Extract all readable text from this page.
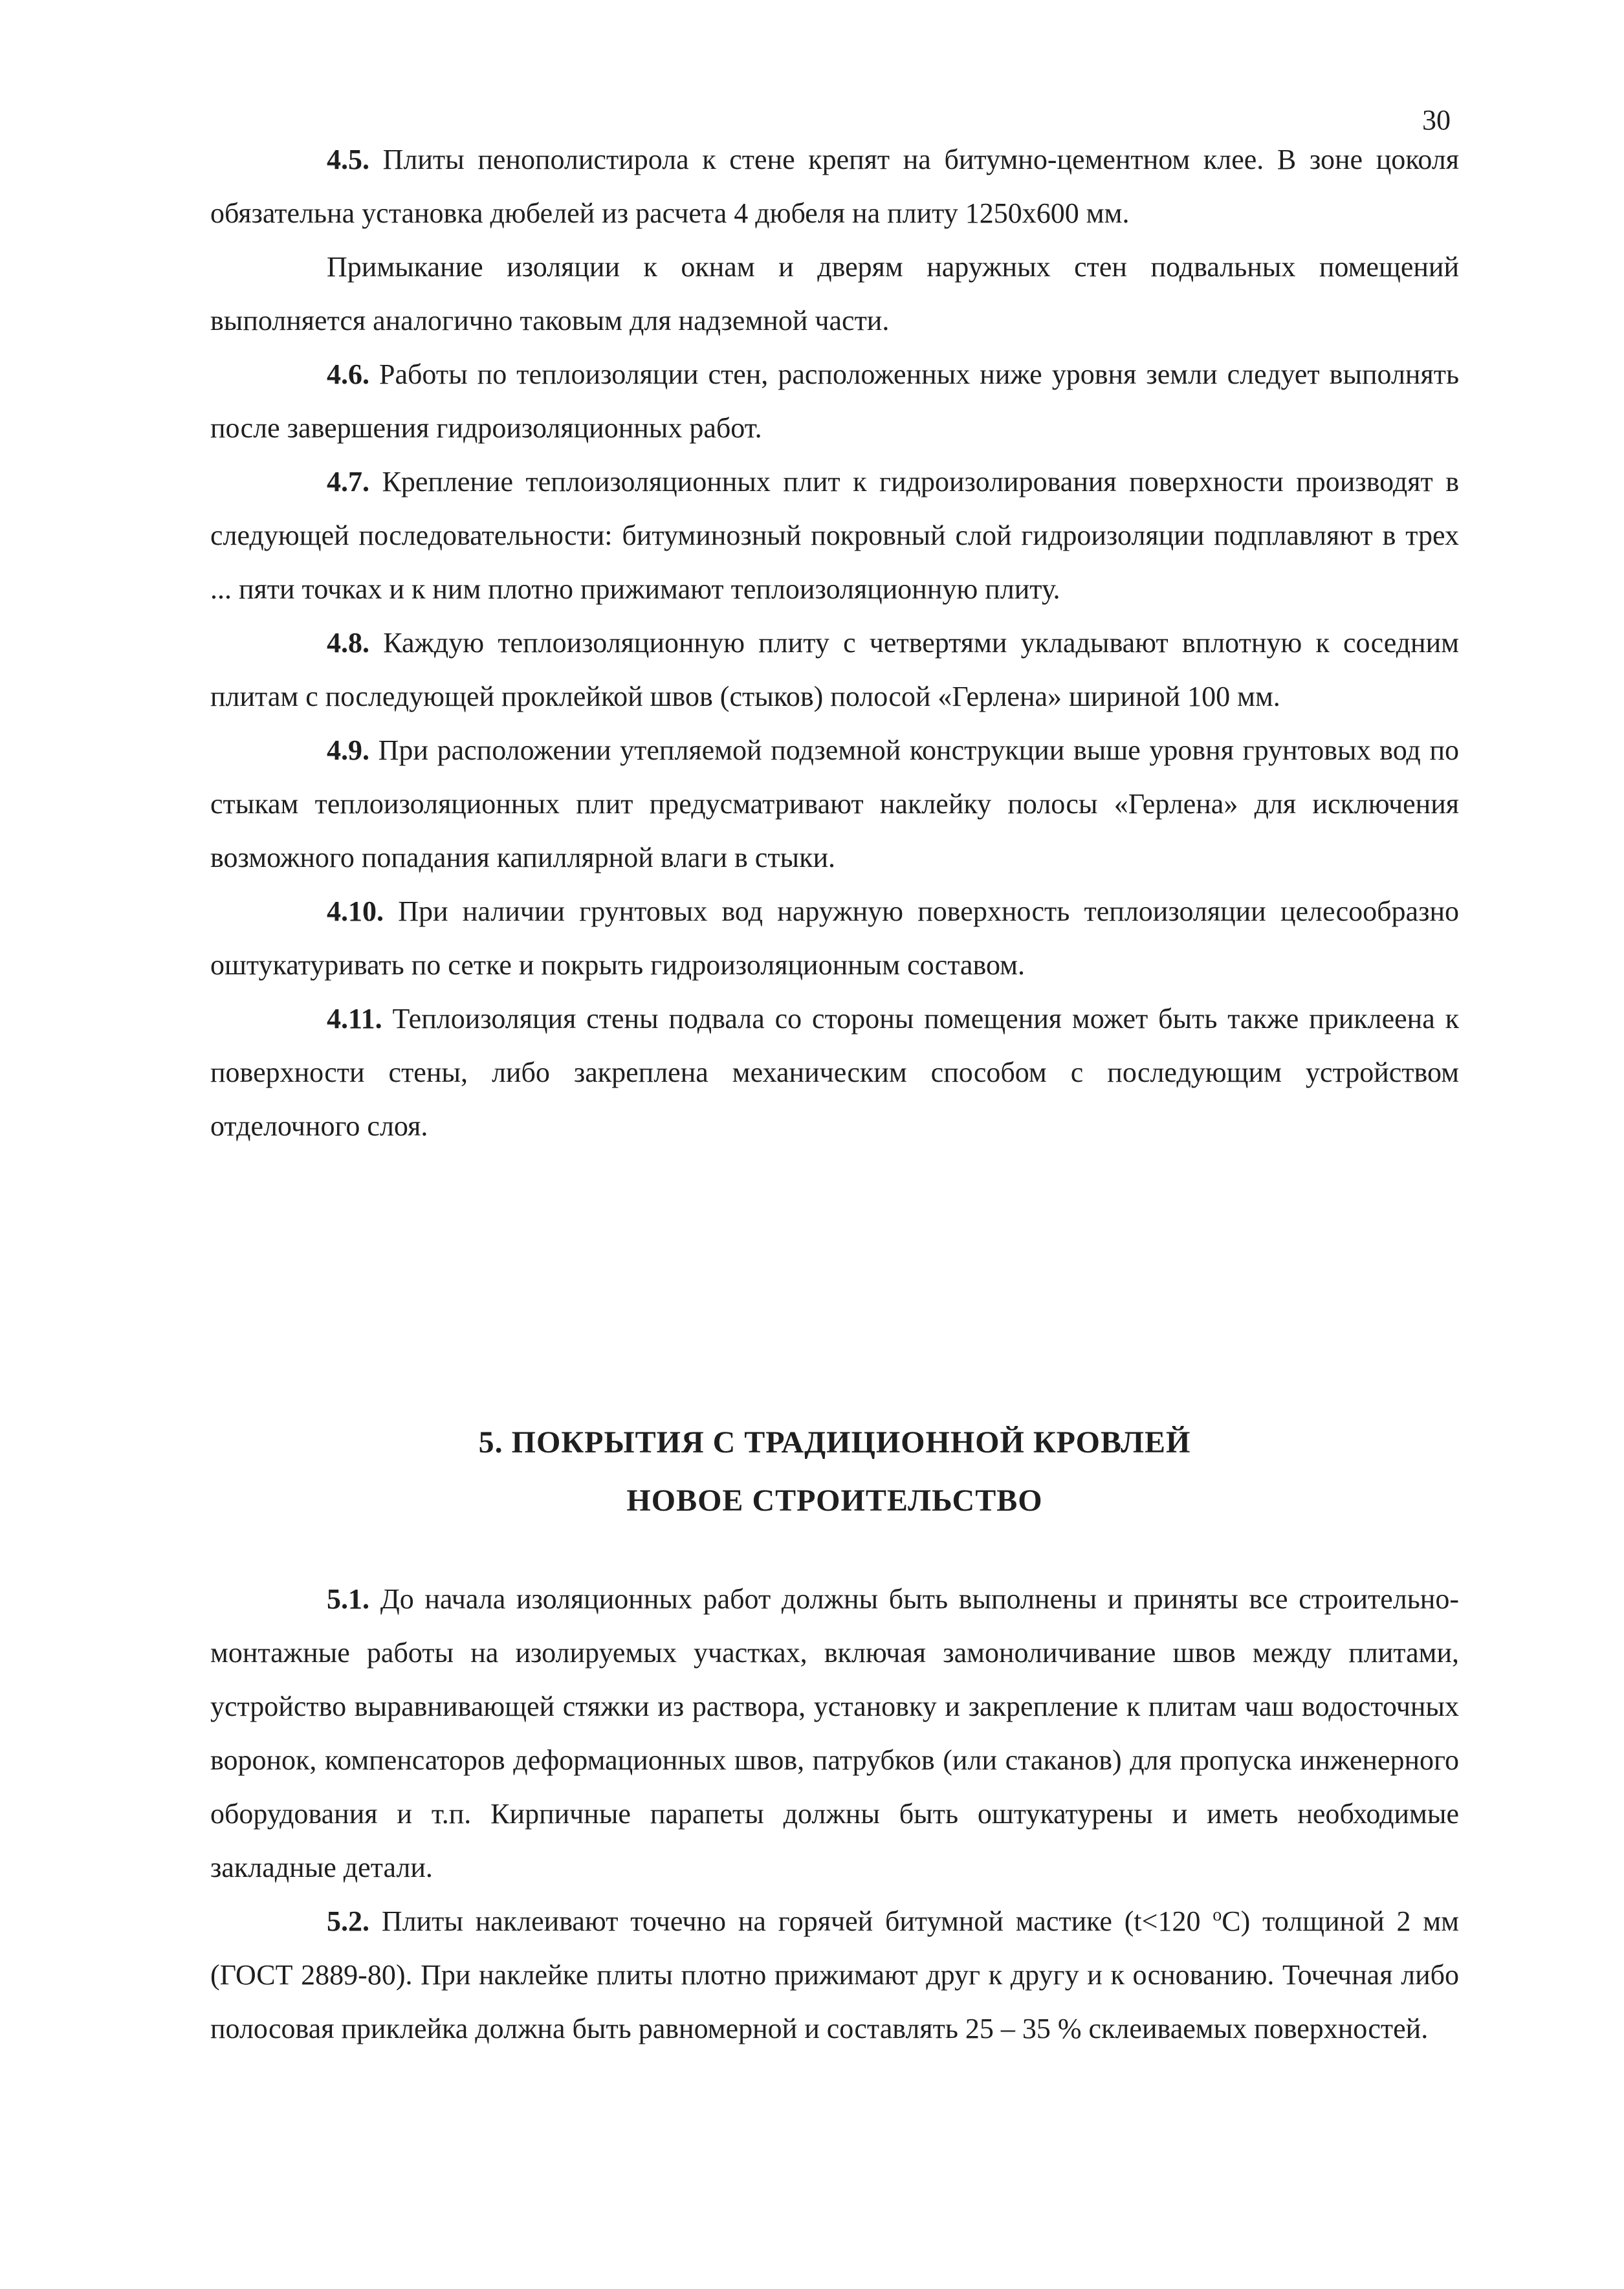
30

4.5. Плиты пенополистирола к стене крепят на битумно-цементном клее. В зоне цоколя обязательна установка дюбелей из расчета 4 дюбеля на плиту 1250х600 мм.

Примыкание изоляции к окнам и дверям наружных стен подвальных помещений выполняется аналогично таковым для надземной части.

4.6. Работы по теплоизоляции стен, расположенных ниже уровня земли следует выполнять после завершения гидроизоляционных работ.

4.7. Крепление теплоизоляционных плит к гидроизолирования поверхности производят в следующей последовательности: битуминозный покровный слой гидроизоляции подплавляют в трех ... пяти точках и к ним плотно прижимают теплоизоляционную плиту.

4.8. Каждую теплоизоляционную плиту с четвертями укладывают вплотную к соседним плитам с последующей проклейкой швов (стыков) полосой «Герлена» шириной 100 мм.

4.9. При расположении утепляемой подземной конструкции выше уровня грунтовых вод по стыкам теплоизоляционных плит предусматривают наклейку полосы «Герлена» для исключения возможного попадания капиллярной влаги в стыки.

4.10. При наличии грунтовых вод наружную поверхность теплоизоляции целесообразно оштукатуривать по сетке и покрыть гидроизоляционным составом.

4.11. Теплоизоляция стены подвала со стороны помещения может быть также приклеена к поверхности стены, либо закреплена механическим способом с последующим устройством отделочного слоя.

5. ПОКРЫТИЯ С ТРАДИЦИОННОЙ КРОВЛЕЙ
НОВОЕ СТРОИТЕЛЬСТВО

5.1. До начала изоляционных работ должны быть выполнены и приняты все строительно-монтажные работы на изолируемых участках, включая замоноличивание швов между плитами, устройство выравнивающей стяжки из раствора, установку и закрепление к плитам чаш водосточных воронок, компенсаторов деформационных швов, патрубков (или стаканов) для пропуска инженерного оборудования и т.п. Кирпичные парапеты должны быть оштукатурены и иметь необходимые закладные детали.

5.2. Плиты наклеивают точечно на горячей битумной мастике (t<120 $^o$C) толщиной 2 мм (ГОСТ 2889-80). При наклейке плиты плотно прижимают друг к другу и к основанию. Точечная либо полосовая приклейка должна быть равномерной и составлять 25 – 35 % склеиваемых поверхностей.
